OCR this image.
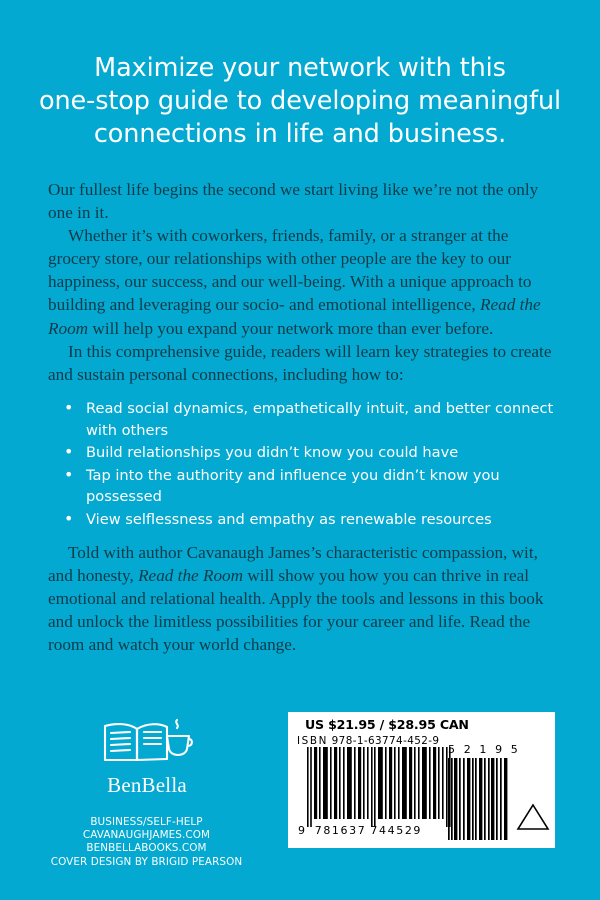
Maximize your network with this
one-stop guide to developing meaningful
connections in life and business.

Our fullest life begins the second we start living like we’re not the only one in it.

Whether it’s with coworkers, friends, family, or a stranger at the grocery store, our relationships with other people are the key to our happiness, our success, and our well-being. With a unique approach to building and leveraging our socio- and emotional intelligence, Read the Room will help you expand your network more than ever before.

In this comprehensive guide, readers will learn key strategies to create and sustain personal connections, including how to:

• Read social dynamics, empathetically intuit, and better connect with others
• Build relationships you didn’t know you could have
• Tap into the authority and influence you didn’t know you possessed
• View selflessness and empathy as renewable resources
Told with author Cavanaugh James’s characteristic compassion, wit, and honesty, Read the Room will show you how you can thrive in real emotional and relational health. Apply the tools and lessons in this book and unlock the limitless possibilities for your career and life. Read the room and watch your world change.
BenBella
BUSINESS/SELF-HELP
CAVANAUGHJAMES.COM
BENBELLABOOKS.COM
COVER DESIGN BY BRIGID PEARSON
US $21.95 / $28.95 CAN
ISBN 978-1-63774-452-9
9 781637 744529
5 2 1 9 5
